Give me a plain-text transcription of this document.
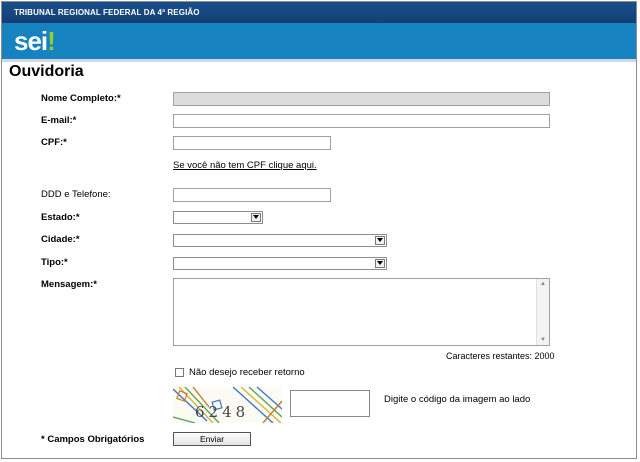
TRIBUNAL REGIONAL FEDERAL DA 4ª REGIÃO
sei!
Ouvidoria
Nome Completo:*
E-mail:*
CPF:*
Se você não tem CPF clique aqui.
DDD e Telefone:
Estado:*
Cidade:*
Tipo:*
Mensagem:*	▲
▼
Caracteres restantes: 2000
Não desejo receber retorno
6248
Digite o código da imagem ao lado
* Campos Obrigatórios	Enviar
